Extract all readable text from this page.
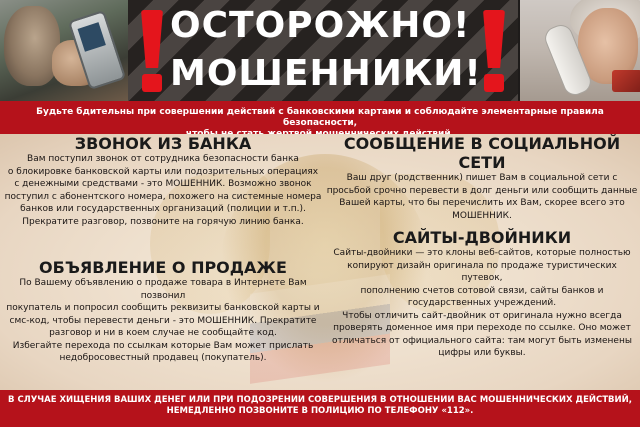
ОСТОРОЖНО!
МОШЕННИКИ!
Будьте бдительны при совершении действий с банковскими картами и соблюдайте элементарные правила безопасности,
ЗВОНОК ИЗ БАНКА

Вам поступил звонок от сотрудника безопасности банка

о блокировке банковской карты или подозрительных операциях

с денежными средствами - это МОШЕННИК. Возможно звонок

поступил с абонентского номера, похожего на системные номера

банков или государственных организаций (полиции и т.п.).

Прекратите разговор, позвоните на горячую линию банка.

СООБЩЕНИЕ В СОЦИАЛЬНОЙ СЕТИ

Ваш друг (родственник) пишет Вам в социальной сети с

просьбой срочно перевести в долг деньги или сообщить данные

Вашей карты, что бы перечислить их Вам, скорее всего это

МОШЕННИК.

САЙТЫ-ДВОЙНИКИ

Сайты-двойники — это клоны веб-сайтов, которые полностью

копируют дизайн оригинала по продаже туристических путевок,

пополнению счетов сотовой связи, сайты банков и

государственных учреждений.

Чтобы отличить сайт-двойник от оригинала нужно всегда

проверять доменное имя при переходе по ссылке. Оно может

отличаться от официального сайта: там могут быть изменены

цифры или буквы.

ОБЪЯВЛЕНИЕ О ПРОДАЖЕ

По Вашему объявлению о продаже товара в Интернете Вам позвонил

покупатель и попросил сообщить реквизиты банковской карты и

смс-код, чтобы перевести деньги - это МОШЕННИК. Прекратите

разговор и ни в коем случае не сообщайте код.

Избегайте перехода по ссылкам которые Вам может прислать

недобросовестный продавец (покупатель).

В СЛУЧАЕ ХИЩЕНИЯ ВАШИХ ДЕНЕГ ИЛИ ПРИ ПОДОЗРЕНИИ СОВЕРШЕНИЯ В ОТНОШЕНИИ ВАС МОШЕННИЧЕСКИХ ДЕЙСТВИЙ,
НЕМЕДЛЕННО ПОЗВОНИТЕ В ПОЛИЦИЮ ПО ТЕЛЕФОНУ «112».
